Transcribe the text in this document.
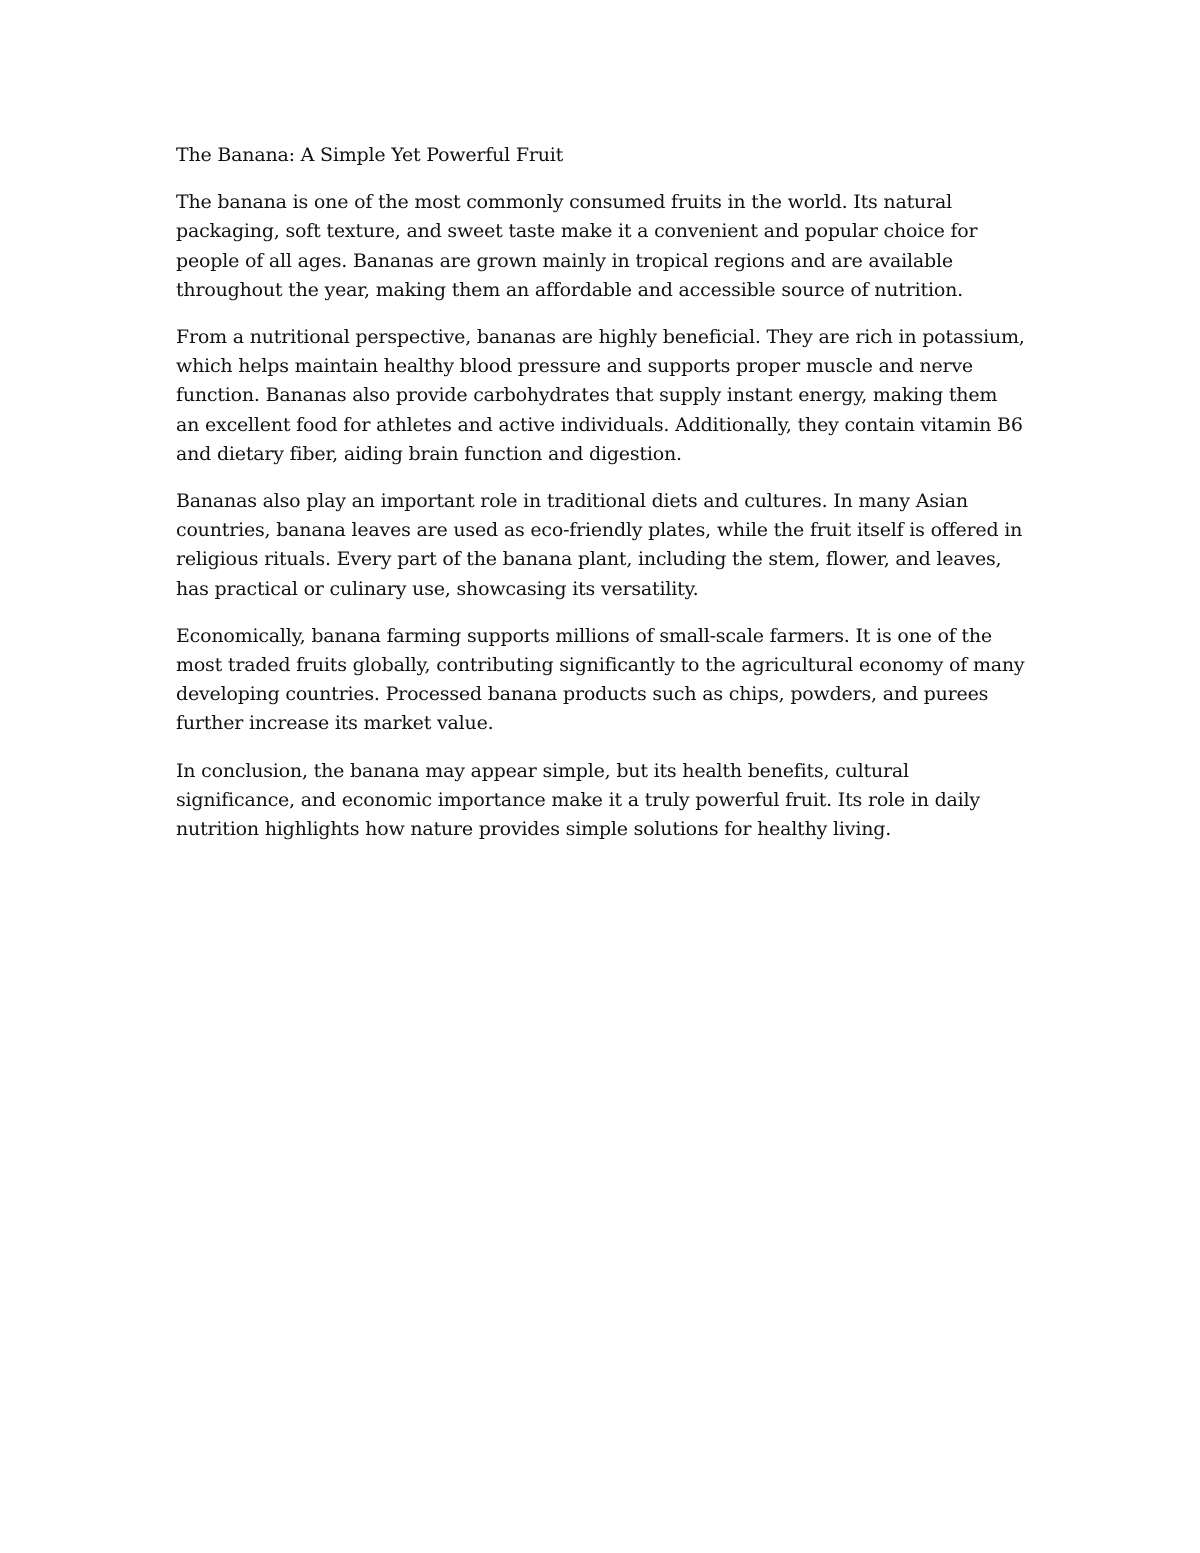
The Banana: A Simple Yet Powerful Fruit

The banana is one of the most commonly consumed fruits in the world. Its natural packaging, soft texture, and sweet taste make it a convenient and popular choice for people of all ages. Bananas are grown mainly in tropical regions and are available throughout the year, making them an affordable and accessible source of nutrition.

From a nutritional perspective, bananas are highly beneficial. They are rich in potassium, which helps maintain healthy blood pressure and supports proper muscle and nerve function. Bananas also provide carbohydrates that supply instant energy, making them an excellent food for athletes and active individuals. Additionally, they contain vitamin B6 and dietary fiber, aiding brain function and digestion.

Bananas also play an important role in traditional diets and cultures. In many Asian countries, banana leaves are used as eco-friendly plates, while the fruit itself is offered in religious rituals. Every part of the banana plant, including the stem, flower, and leaves, has practical or culinary use, showcasing its versatility.

Economically, banana farming supports millions of small-scale farmers. It is one of the most traded fruits globally, contributing significantly to the agricultural economy of many developing countries. Processed banana products such as chips, powders, and purees further increase its market value.

In conclusion, the banana may appear simple, but its health benefits, cultural significance, and economic importance make it a truly powerful fruit. Its role in daily nutrition highlights how nature provides simple solutions for healthy living.
